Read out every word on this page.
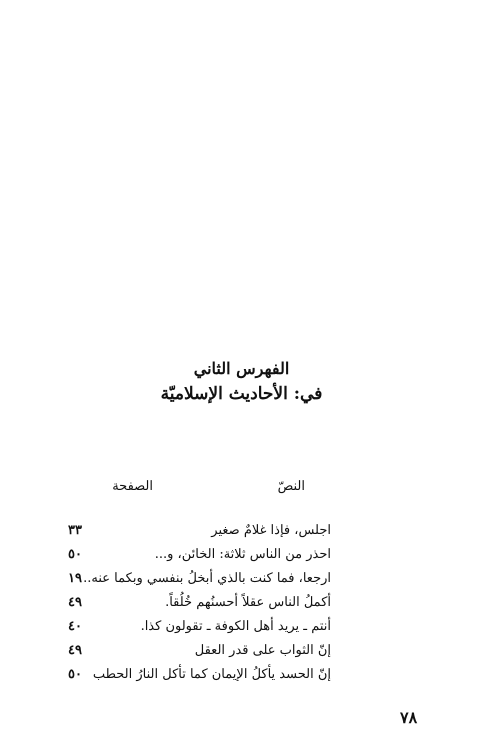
الفهرس الثاني

في: الأحاديث الإسلاميّة

النصّ
الصفحة
اجلس، فإذا غلامٌ صغير
٣٣
احذر من الناس ثلاثة: الخائن، و...
٥٠
ارجعا، فما كنت بالذي أبخلُ بنفسي وبكما عنه..
١٩
أكملُ الناس عقلاً أحسنُهم خُلُقاً.
٤٩
أنتم ـ يريد أهل الكوفة ـ تقولون كذا.
٤٠
إنّ الثواب على قدر العقل
٤٩
إنّ الحسد يأكلُ الإيمان كما تأكل النارُ الحطب
٥٠
٧٨
